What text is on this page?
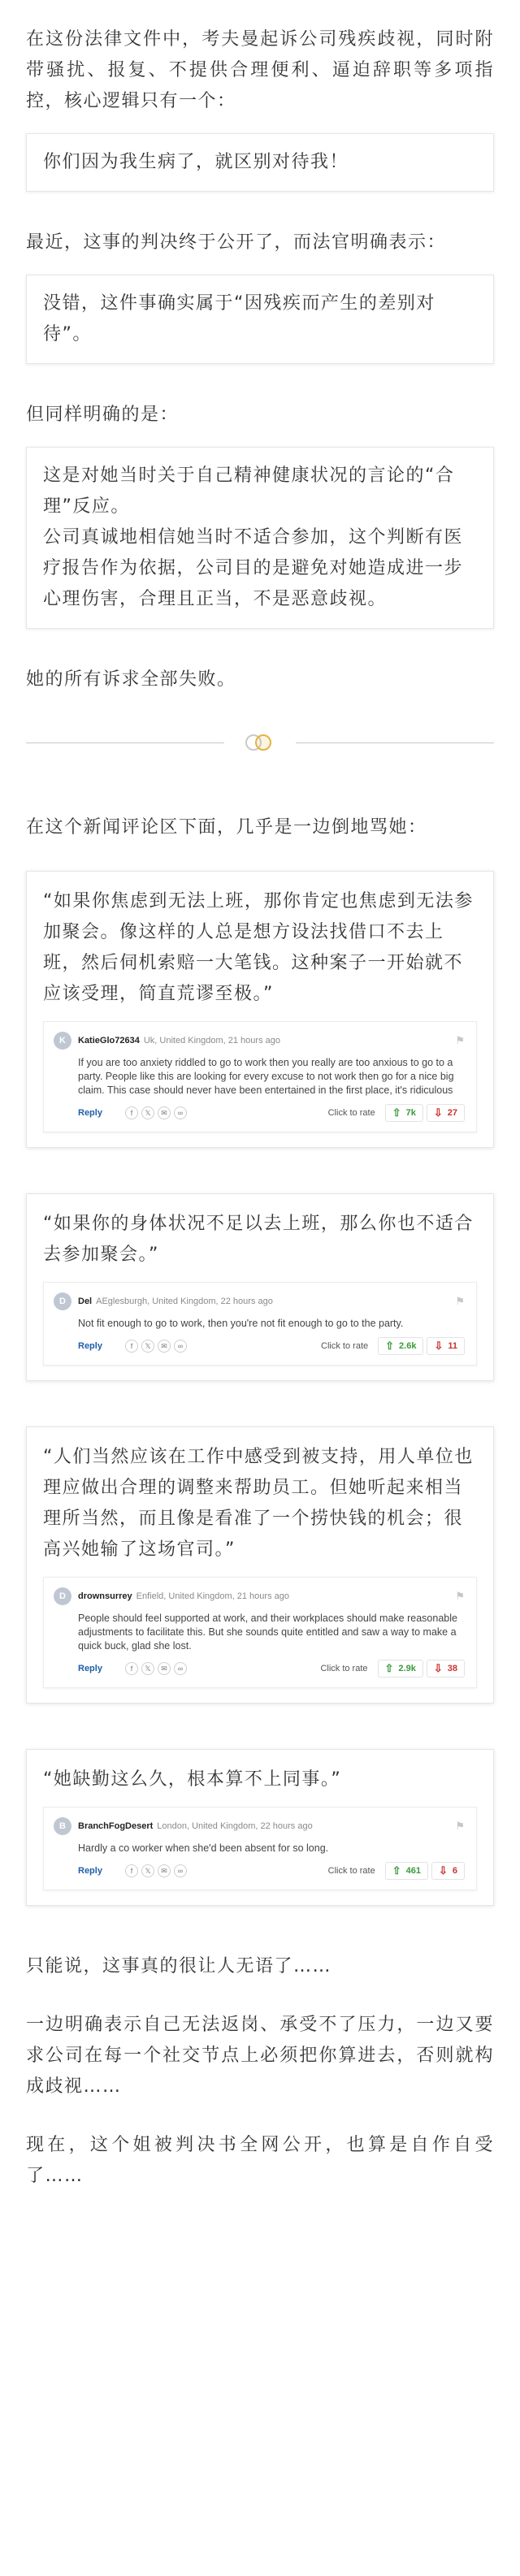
在这份法律文件中，考夫曼起诉公司残疾歧视，同时附带骚扰、报复、不提供合理便利、逼迫辞职等多项指控，核心逻辑只有一个：

你们因为我生病了，就区别对待我！

最近，这事的判决终于公开了，而法官明确表示：

没错，这件事确实属于“因残疾而产生的差别对待”。

但同样明确的是：

这是对她当时关于自己精神健康状况的言论的“合理”反应。
公司真诚地相信她当时不适合参加，这个判断有医疗报告作为依据，公司目的是避免对她造成进一步心理伤害，合理且正当，不是恶意歧视。

她的所有诉求全部失败。

在这个新闻评论区下面，几乎是一边倒地骂她：

“如果你焦虑到无法上班，那你肯定也焦虑到无法参加聚会。像这样的人总是想方设法找借口不去上班，然后伺机索赔一大笔钱。这种案子一开始就不应该受理，简直荒谬至极。”
K	KatieGlo72634 Uk, United Kingdom, 21 hours ago	⚑
If you are too anxiety riddled to go to work then you really are too anxious to go to a party. People like this are looking for every excuse to not work then go for a nice big claim. This case should never have been entertained in the first place, it's ridiculous
Reply	f	𝕏	✉	∞	Click to rate ⇧ 7k ⇩ 27
“如果你的身体状况不足以去上班，那么你也不适合去参加聚会。”
D	Del AEglesburgh, United Kingdom, 22 hours ago	⚑
Not fit enough to go to work, then you're not fit enough to go to the party.
Reply	f	𝕏	✉	∞	Click to rate ⇧ 2.6k ⇩ 11
“人们当然应该在工作中感受到被支持，用人单位也理应做出合理的调整来帮助员工。但她听起来相当理所当然，而且像是看准了一个捞快钱的机会；很高兴她输了这场官司。”
D	drownsurrey Enfield, United Kingdom, 21 hours ago	⚑
People should feel supported at work, and their workplaces should make reasonable adjustments to facilitate this. But she sounds quite entitled and saw a way to make a quick buck, glad she lost.
Reply	f	𝕏	✉	∞	Click to rate ⇧ 2.9k ⇩ 38
“她缺勤这么久，根本算不上同事。”
B	BranchFogDesert London, United Kingdom, 22 hours ago	⚑
Hardly a co worker when she'd been absent for so long.
Reply	f	𝕏	✉	∞	Click to rate ⇧ 461 ⇩ 6

只能说，这事真的很让人无语了……

一边明确表示自己无法返岗、承受不了压力，一边又要求公司在每一个社交节点上必须把你算进去，否则就构成歧视……

现在，这个姐被判决书全网公开，也算是自作自受了……
